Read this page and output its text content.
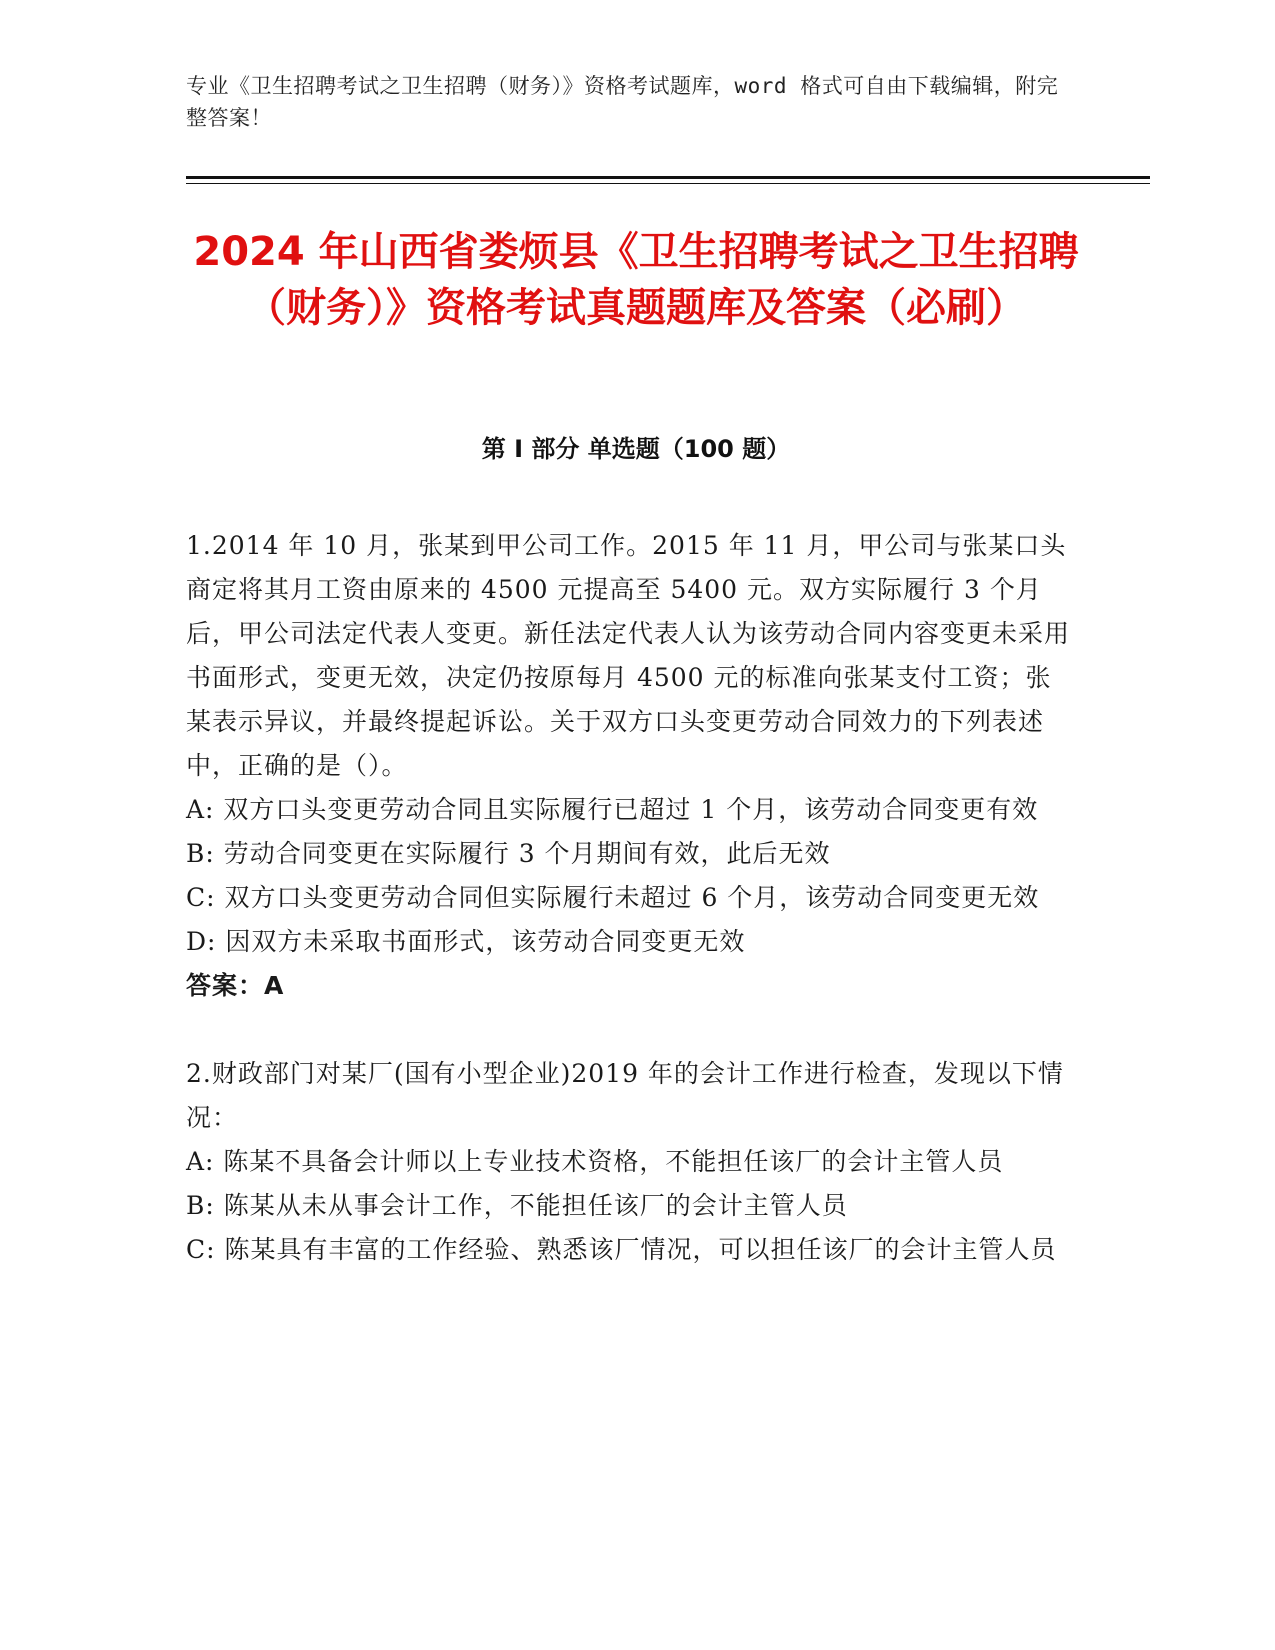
专业《卫生招聘考试之卫生招聘（财务）》资格考试题库，word 格式可自由下载编辑，附完整答案！
2024 年山西省娄烦县《卫生招聘考试之卫生招聘（财务）》资格考试真题题库及答案（必刷）
第 I 部分 单选题（100 题）

1.2014 年 10 月，张某到甲公司工作。2015 年 11 月，甲公司与张某口头商定将其月工资由原来的 4500 元提高至 5400 元。双方实际履行 3 个月后，甲公司法定代表人变更。新任法定代表人认为该劳动合同内容变更未采用书面形式，变更无效，决定仍按原每月 4500 元的标准向张某支付工资；张某表示异议，并最终提起诉讼。关于双方口头变更劳动合同效力的下列表述中，正确的是（）。

A: 双方口头变更劳动合同且实际履行已超过 1 个月，该劳动合同变更有效

B: 劳动合同变更在实际履行 3 个月期间有效，此后无效

C: 双方口头变更劳动合同但实际履行未超过 6 个月，该劳动合同变更无效

D: 因双方未采取书面形式，该劳动合同变更无效

答案：A

2.财政部门对某厂(国有小型企业)2019 年的会计工作进行检查，发现以下情况：

A: 陈某不具备会计师以上专业技术资格，不能担任该厂的会计主管人员

B: 陈某从未从事会计工作，不能担任该厂的会计主管人员

C: 陈某具有丰富的工作经验、熟悉该厂情况，可以担任该厂的会计主管人员
